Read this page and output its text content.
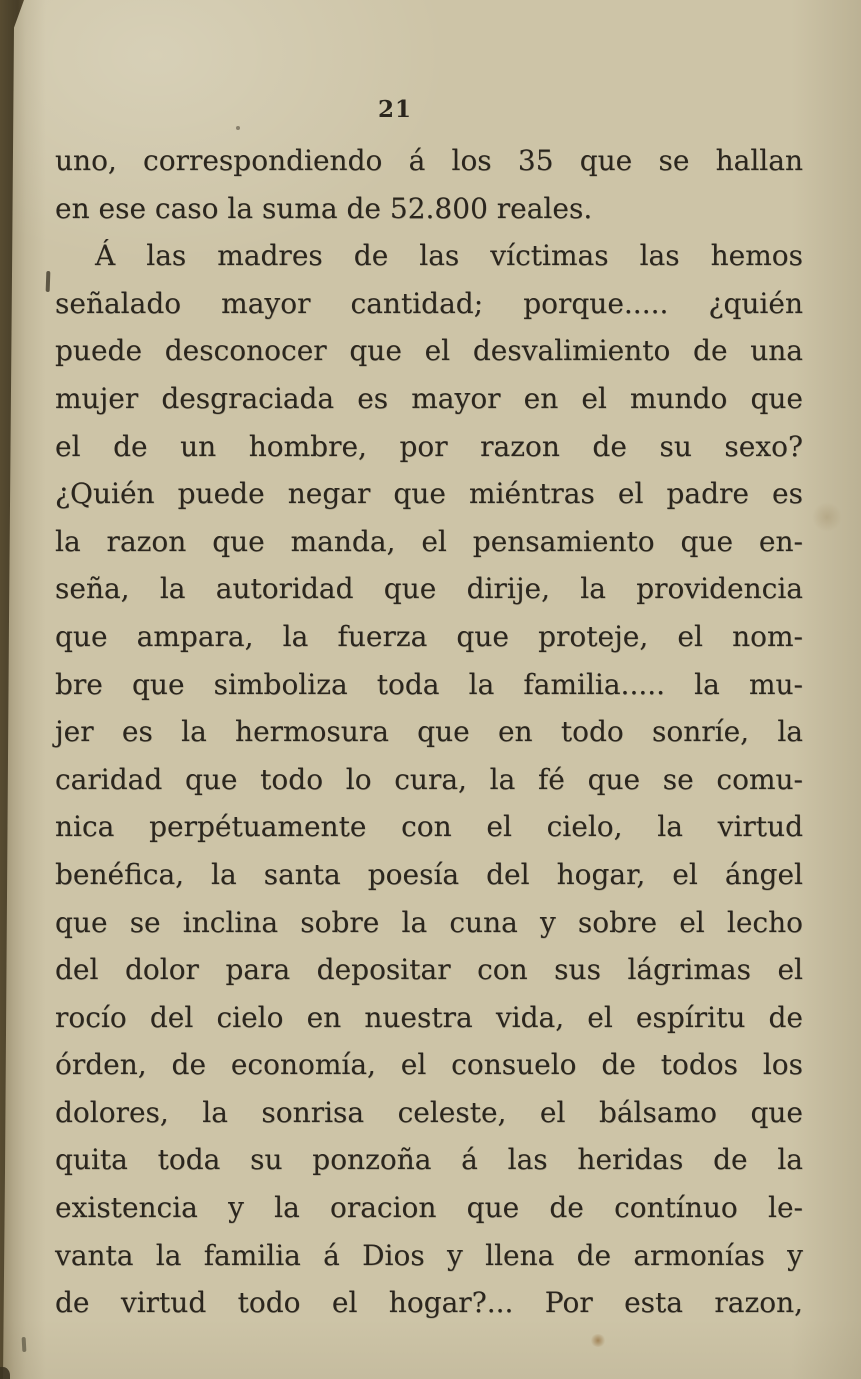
21
uno, correspondiendo á los 35 que se hallan
en ese caso la suma de 52.800 reales.
Á las madres de las víctimas las hemos
señalado mayor cantidad; porque..... ¿quién
puede desconocer que el desvalimiento de una
mujer desgraciada es mayor en el mundo que
el de un hombre, por razon de su sexo?
¿Quién puede negar que miéntras el padre es
la razon que manda, el pensamiento que en-
seña, la autoridad que dirije, la providencia
que ampara, la fuerza que proteje, el nom-
bre que simboliza toda la familia..... la mu-
jer es la hermosura que en todo sonríe, la
caridad que todo lo cura, la fé que se comu-
nica perpétuamente con el cielo, la virtud
benéfica, la santa poesía del hogar, el ángel
que se inclina sobre la cuna y sobre el lecho
del dolor para depositar con sus lágrimas el
rocío del cielo en nuestra vida, el espíritu de
órden, de economía, el consuelo de todos los
dolores, la sonrisa celeste, el bálsamo que
quita toda su ponzoña á las heridas de la
existencia y la oracion que de contínuo le-
vanta la familia á Dios y llena de armonías y
de virtud todo el hogar?... Por esta razon,
